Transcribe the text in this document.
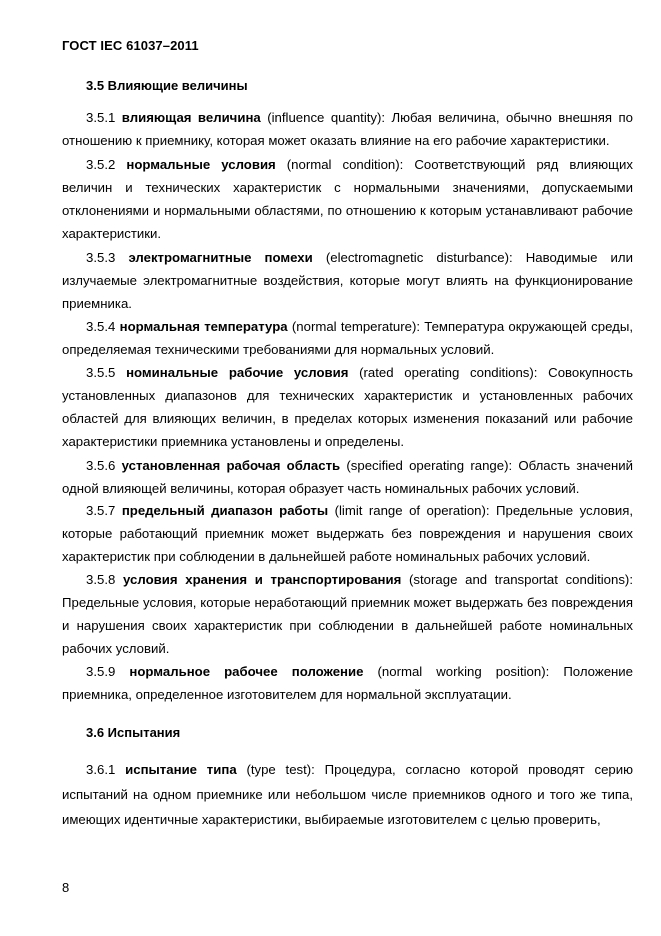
ГОСТ IEC 61037–2011
3.5 Влияющие величины

3.5.1 влияющая величина (influence quantity): Любая величина, обычно внешняя по отношению к приемнику, которая может оказать влияние на его рабочие характеристики.

3.5.2 нормальные условия (normal condition): Соответствующий ряд влияющих величин и технических характеристик с нормальными значениями, допускаемыми отклонениями и нормальными областями, по отношению к которым устанавливают рабочие характеристики.

3.5.3 электромагнитные помехи (electromagnetic disturbance): Наводимые или излучаемые электромагнитные воздействия, которые могут влиять на функционирование приемника.

3.5.4 нормальная температура (normal temperature): Температура окружающей среды, определяемая техническими требованиями для нормальных условий.

3.5.5 номинальные рабочие условия (rated operating conditions): Совокупность установленных диапазонов для технических характеристик и установленных рабочих областей для влияющих величин, в пределах которых изменения показаний или рабочие характеристики приемника установлены и определены.

3.5.6 установленная рабочая область (specified operating range): Область значений одной влияющей величины, которая образует часть номинальных рабочих условий.

3.5.7 предельный диапазон работы (limit range of operation): Предельные условия, которые работающий приемник может выдержать без повреждения и нарушения своих характеристик при соблюдении в дальнейшей работе номинальных рабочих условий.

3.5.8 условия хранения и транспортирования (storage and transportat conditions): Предельные условия, которые неработающий приемник может выдержать без повреждения и нарушения своих характеристик при соблюдении в дальнейшей работе номинальных рабочих условий.

3.5.9 нормальное рабочее положение (normal working position): Положение приемника, определенное изготовителем для нормальной эксплуатации.

3.6 Испытания

3.6.1 испытание типа (type test): Процедура, согласно которой проводят серию испытаний на одном приемнике или небольшом числе приемников одного и того же типа, имеющих идентичные характеристики, выбираемые изготовителем с целью проверить,

8
